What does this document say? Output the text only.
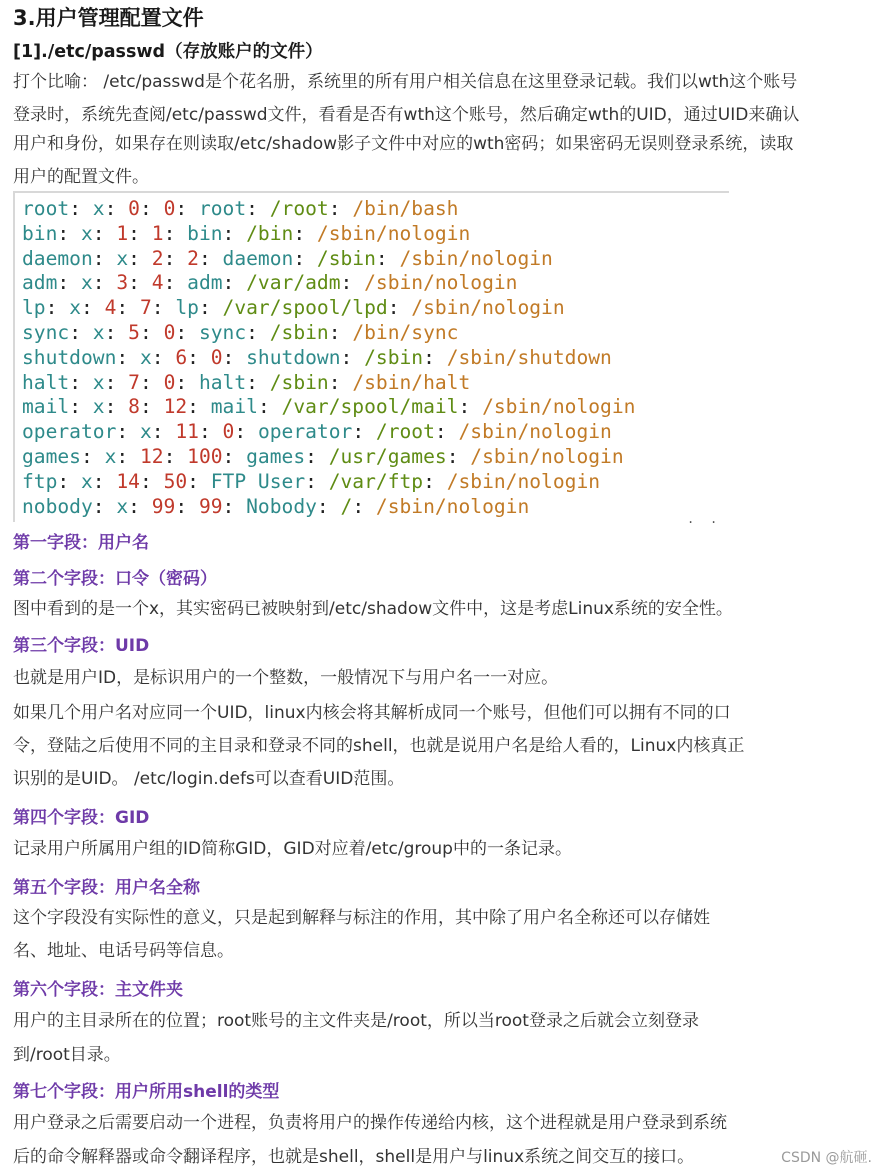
3.用户管理配置文件
[1]./etc/passwd（存放账户的文件）
打个比喻： /etc/passwd是个花名册，系统里的所有用户相关信息在这里登录记载。我们以wth这个账号
登录时，系统先查阅/etc/passwd文件，看看是否有wth这个账号，然后确定wth的UID，通过UID来确认
用户和身份，如果存在则读取/etc/shadow影子文件中对应的wth密码；如果密码无误则登录系统，读取
用户的配置文件。
root: x: 0: 0: root: /root: /bin/bash
bin: x: 1: 1: bin: /bin: /sbin/nologin
daemon: x: 2: 2: daemon: /sbin: /sbin/nologin
adm: x: 3: 4: adm: /var/adm: /sbin/nologin
lp: x: 4: 7: lp: /var/spool/lpd: /sbin/nologin
sync: x: 5: 0: sync: /sbin: /bin/sync
shutdown: x: 6: 0: shutdown: /sbin: /sbin/shutdown
halt: x: 7: 0: halt: /sbin: /sbin/halt
mail: x: 8: 12: mail: /var/spool/mail: /sbin/nologin
operator: x: 11: 0: operator: /root: /sbin/nologin
games: x: 12: 100: games: /usr/games: /sbin/nologin
ftp: x: 14: 50: FTP User: /var/ftp: /sbin/nologin
nobody: x: 99: 99: Nobody: /: /sbin/nologin
. .
第一字段：用户名
第二个字段：口令（密码）
图中看到的是一个x，其实密码已被映射到/etc/shadow文件中，这是考虑Linux系统的安全性。
第三个字段：UID
也就是用户ID，是标识用户的一个整数，一般情况下与用户名一一对应。
如果几个用户名对应同一个UID，linux内核会将其解析成同一个账号，但他们可以拥有不同的口
令，登陆之后使用不同的主目录和登录不同的shell，也就是说用户名是给人看的，Linux内核真正
识别的是UID。 /etc/login.defs可以查看UID范围。
第四个字段：GID
记录用户所属用户组的ID简称GID，GID对应着/etc/group中的一条记录。
第五个字段：用户名全称
这个字段没有实际性的意义，只是起到解释与标注的作用，其中除了用户名全称还可以存储姓
名、地址、电话号码等信息。
第六个字段：主文件夹
用户的主目录所在的位置；root账号的主文件夹是/root，所以当root登录之后就会立刻登录
到/root目录。
第七个字段：用户所用shell的类型
用户登录之后需要启动一个进程，负责将用户的操作传递给内核，这个进程就是用户登录到系统
后的命令解释器或命令翻译程序，也就是shell，shell是用户与linux系统之间交互的接口。	CSDN @航砸.
